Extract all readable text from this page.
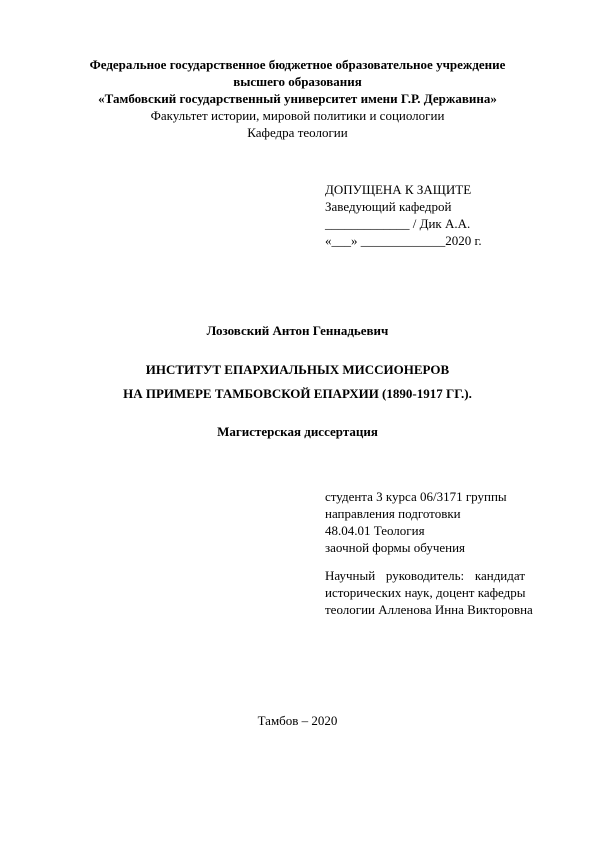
Федеральное государственное бюджетное образовательное учреждение
высшего образования
«Тамбовский государственный университет имени Г.Р. Державина»
Факультет истории, мировой политики и социологии
Кафедра теологии
ДОПУЩЕНА К ЗАЩИТЕ
Заведующий кафедрой
_____________ / Дик А.А.
«___» _____________2020 г.
Лозовский Антон Геннадьевич
ИНСТИТУТ ЕПАРХИАЛЬНЫХ МИССИОНЕРОВ
НА ПРИМЕРЕ ТАМБОВСКОЙ ЕПАРХИИ (1890-1917 ГГ.).
Магистерская диссертация
студента 3 курса 06/3171 группы
направления подготовки
48.04.01 Теология
заочной формы обучения
Научный руководитель: кандидат
исторических наук, доцент кафедры
теологии Алленова Инна Викторовна
Тамбов – 2020
